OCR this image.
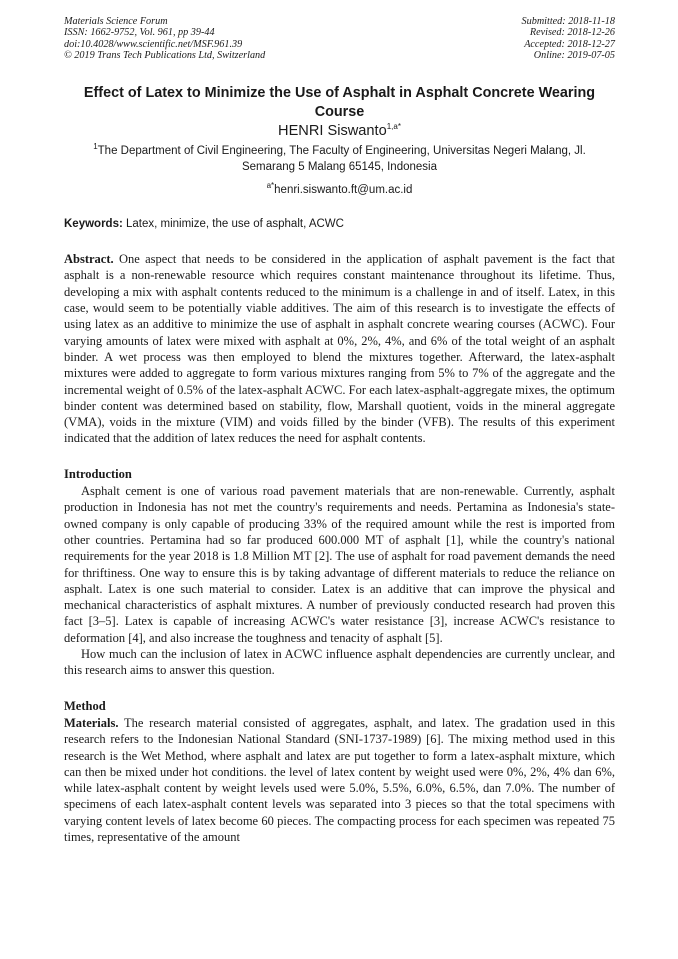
Materials Science Forum
ISSN: 1662-9752, Vol. 961, pp 39-44
doi:10.4028/www.scientific.net/MSF.961.39
© 2019 Trans Tech Publications Ltd, Switzerland
Submitted: 2018-11-18
Revised: 2018-12-26
Accepted: 2018-12-27
Online: 2019-07-05
Effect of Latex to Minimize the Use of Asphalt in Asphalt Concrete Wearing Course
HENRI Siswanto$^{1,a*}$
$^1$The Department of Civil Engineering, The Faculty of Engineering, Universitas Negeri Malang, Jl. Semarang 5 Malang 65145, Indonesia
$^{a*}$henri.siswanto.ft@um.ac.id
Keywords: Latex, minimize, the use of asphalt, ACWC

Abstract. One aspect that needs to be considered in the application of asphalt pavement is the fact that asphalt is a non-renewable resource which requires constant maintenance throughout its lifetime. Thus, developing a mix with asphalt contents reduced to the minimum is a challenge in and of itself. Latex, in this case, would seem to be potentially viable additives. The aim of this research is to investigate the effects of using latex as an additive to minimize the use of asphalt in asphalt concrete wearing courses (ACWC). Four varying amounts of latex were mixed with asphalt at 0%, 2%, 4%, and 6% of the total weight of an asphalt binder. A wet process was then employed to blend the mixtures together. Afterward, the latex-asphalt mixtures were added to aggregate to form various mixtures ranging from 5% to 7% of the aggregate and the incremental weight of 0.5% of the latex-asphalt ACWC. For each latex-asphalt-aggregate mixes, the optimum binder content was determined based on stability, flow, Marshall quotient, voids in the mineral aggregate (VMA), voids in the mixture (VIM) and voids filled by the binder (VFB). The results of this experiment indicated that the addition of latex reduces the need for asphalt contents.

Introduction

Asphalt cement is one of various road pavement materials that are non-renewable. Currently, asphalt production in Indonesia has not met the country's requirements and needs. Pertamina as Indonesia's state-owned company is only capable of producing 33% of the required amount while the rest is imported from other countries. Pertamina had so far produced 600.000 MT of asphalt [1], while the country's national requirements for the year 2018 is 1.8 Million MT [2]. The use of asphalt for road pavement demands the need for thriftiness. One way to ensure this is by taking advantage of different materials to reduce the reliance on asphalt. Latex is one such material to consider. Latex is an additive that can improve the physical and mechanical characteristics of asphalt mixtures. A number of previously conducted research had proven this fact [3–5]. Latex is capable of increasing ACWC's water resistance [3], increase ACWC's resistance to deformation [4], and also increase the toughness and tenacity of asphalt [5].

How much can the inclusion of latex in ACWC influence asphalt dependencies are currently unclear, and this research aims to answer this question.

Method

Materials. The research material consisted of aggregates, asphalt, and latex. The gradation used in this research refers to the Indonesian National Standard (SNI-1737-1989) [6]. The mixing method used in this research is the Wet Method, where asphalt and latex are put together to form a latex-asphalt mixture, which can then be mixed under hot conditions. the level of latex content by weight used were 0%, 2%, 4% dan 6%, while latex-asphalt content by weight levels used were 5.0%, 5.5%, 6.0%, 6.5%, dan 7.0%. The number of specimens of each latex-asphalt content levels was separated into 3 pieces so that the total specimens with varying content levels of latex become 60 pieces. The compacting process for each specimen was repeated 75 times, representative of the amount
